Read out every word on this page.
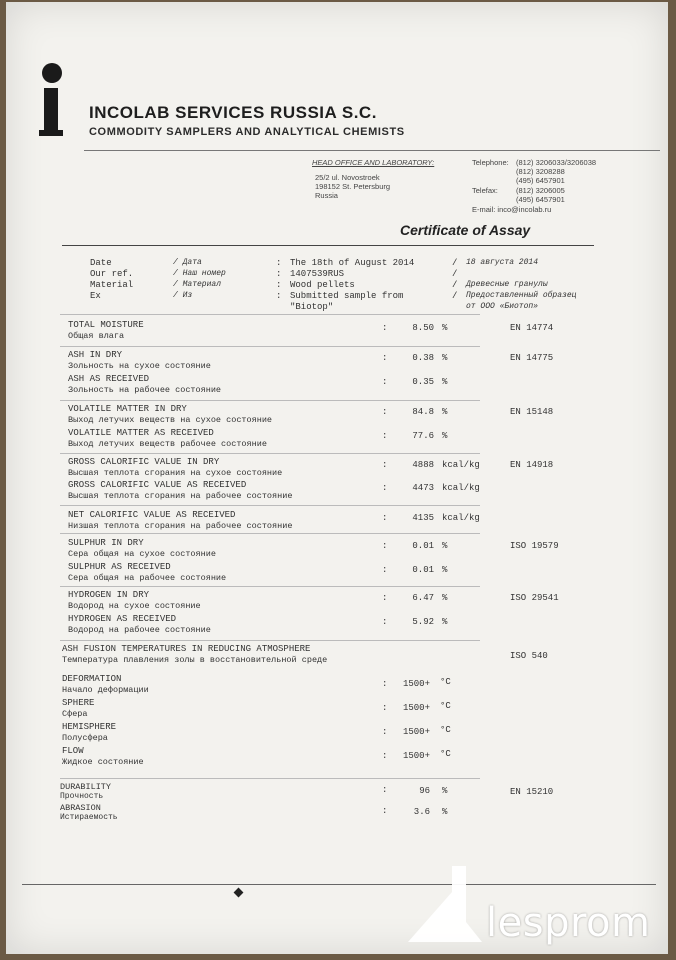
INCOLAB SERVICES RUSSIA S.C.
COMMODITY SAMPLERS AND ANALYTICAL CHEMISTS
HEAD OFFICE AND LABORATORY:
25/2 ul. Novostroek
198152 St. Petersburg
Russia
Telephone: (812) 3206033/3206038
(812) 3208288
(495) 6457901
Telefax: (812) 3206005
(495) 6457901
E-mail: inco@incolab.ru
Certificate of Assay
Date	/ Дата	: The 18th of August 2014	/ 18 августа 2014
Our ref.	/ Наш номер	: 1407539RUS	/
Material	/ Материал	: Wood pellets	/ Древесные гранулы
Ex	/ Из	: Submitted sample from	/ Предоставленный образец
"Biotop"	от ООО «Биотоп»
TOTAL MOISTURE
Общая влага
:	8.50 %	EN 14774
ASH IN DRY
Зольность на сухое состояние
:	0.38 %	EN 14775
ASH AS RECEIVED
Зольность на рабочее состояние
:	0.35 %
VOLATILE MATTER IN DRY
Выход летучих веществ на сухое состояние
:	84.8 %	EN 15148
VOLATILE MATTER AS RECEIVED
Выход летучих веществ рабочее состояние
:	77.6 %
GROSS CALORIFIC VALUE IN DRY
Высшая теплота сгорания на сухое состояние
:	4888 kcal/kg	EN 14918
GROSS CALORIFIC VALUE AS RECEIVED
Высшая теплота сгорания на рабочее состояние
:	4473 kcal/kg
NET CALORIFIC VALUE AS RECEIVED
Низшая теплота сгорания на рабочее состояние
:	4135 kcal/kg
SULPHUR IN DRY
Сера общая на сухое состояние
:	0.01 %	ISO 19579
SULPHUR AS RECEIVED
Сера общая на рабочее состояние
:	0.01 %
HYDROGEN IN DRY
Водород на сухое состояние
:	6.47 %	ISO 29541
HYDROGEN AS RECEIVED
Водород на рабочее состояние
:	5.92 %
ASH FUSION TEMPERATURES IN REDUCING ATMOSPHERE
Температура плавления золы в восстановительной среде	ISO 540
DEFORMATION
Начало деформации
:	1500+ °C
SPHERE
Сфера
:	1500+ °C
HEMISPHERE
Полусфера
:	1500+ °C
FLOW
Жидкое состояние
:	1500+ °C
DURABILITY
Прочность
:	96 %	EN 15210
ABRASION
Истираемость
:	3.6 %
lesprom
